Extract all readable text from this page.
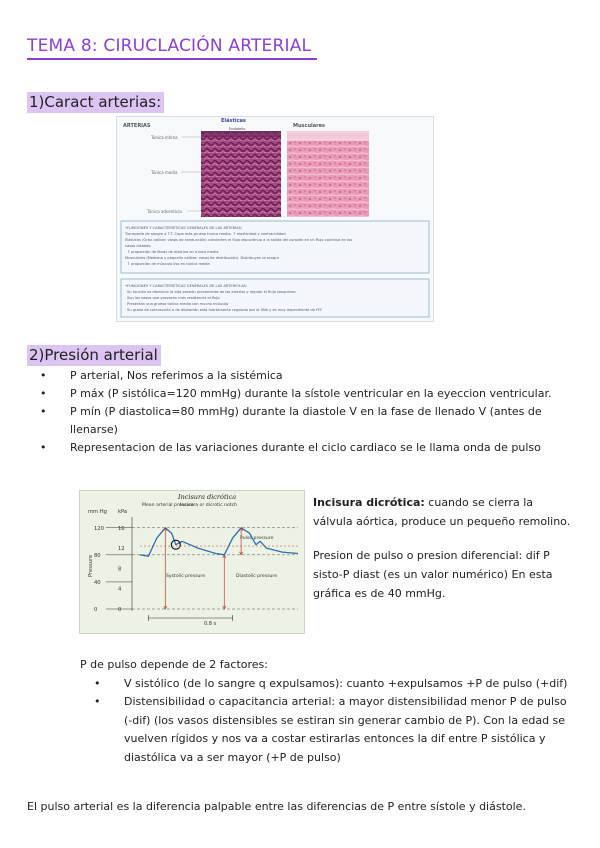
TEMA 8: CIRUCLACIÓN ARTERIAL
1)Caract arterias:
ARTERIAS
Elásticas
Musculares
Endotelio
Túnica íntima
Túnica media
Túnica adventicia
•FUNCIONES Y CARACTERÍSTICAS GENERALES DE LAS ARTERIAS: Transporte de sangre a T.T. Capa más gruesa túnica media, ↑ elasticidad y contractilidad Elásticas (Gran calibre: vasos de conducción) convierten el flujo discontinuo a la salida del corazón en un flujo continuo en los vasos distales. ↑ proporción de fibras de elastina en túnica media Musculares (Mediano y pequeño calibre: vasos de distribución). Distribuyen la sangre ↑ proporción de músculo liso en túnica media
•FUNCIONES Y CARACTERÍSTICAS GENERALES DE LAS ARTERIOLAS: Su función es disminuir la alta presión proveniente de las arterias y regular el flujo sanguíneo Son los vasos que provocan más resistencia al flujo Presentan una gruesa túnica media con mucho músculo Su grado de contracción o de dilatación está fuertemente regulado por el SNA y es muy dependiente de FFF
2)Presión arterial
• P arterial, Nos referimos a la sistémica
• P máx (P sistólica=120 mmHg) durante la sístole ventricular en la eyeccion ventricular.
• P mín (P diastolica=80 mmHg) durante la diastole V en la fase de llenado V (antes de llenarse)
• Representacion de las variaciones durante el ciclo cardiaco se le llama onda de pulso
Incisura dicrótica
mm Hg kPa
Pressure
Mean arterial pressure
Incisura or dicrotic notch
Pulse pressure
Systolic pressure	Diastolic pressure
0.8 s
120
80
40
0
16
12
8
4
0

Incisura dicrótica: cuando se cierra la válvula aórtica, produce un pequeño remolino.

Presion de pulso o presion diferencial: dif P sisto-P diast (es un valor numérico) En esta gráfica es de 40 mmHg.

P de pulso depende de 2 factores:
• V sistólico (de lo sangre q expulsamos): cuanto +expulsamos +P de pulso (+dif)
• Distensibilidad o capacitancia arterial: a mayor distensibilidad menor P de pulso (-dif) (los vasos distensibles se estiran sin generar cambio de P). Con la edad se vuelven rígidos y nos va a costar estirarlas entonces la dif entre P sistólica y diastólica va a ser mayor (+P de pulso)
El pulso arterial es la diferencia palpable entre las diferencias de P entre sístole y diástole.
